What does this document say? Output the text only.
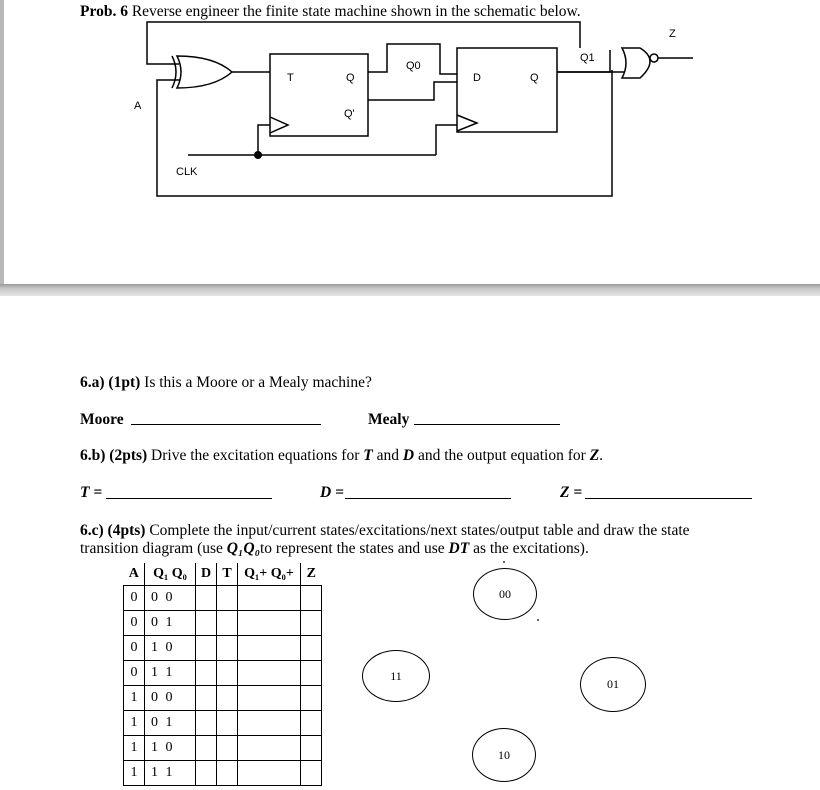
Prob. 6 Reverse engineer the finite state machine shown in the schematic below.
A
CLK
T	Q
Q'
Q0
D	Q
Q1
Z
6.a) (1pt) Is this a Moore or a Mealy machine?
Moore	Mealy
6.b) (2pts) Drive the excitation equations for T and D and the output equation for Z.
T =	D =	Z =
6.c) (4pts) Complete the input/current states/excitations/next states/output table and draw the state
transition diagram (use Q₁Q₀to represent the states and use DT as the excitations).
A	Q₁ Q₀	D	T	Q₁+ Q₀+	Z
0	0 0				
0	0 1				
0	1 0				
0	1 1				
1	0 0				
1	0 1				
1	1 0				
1	1 1				
00
11
01
10
